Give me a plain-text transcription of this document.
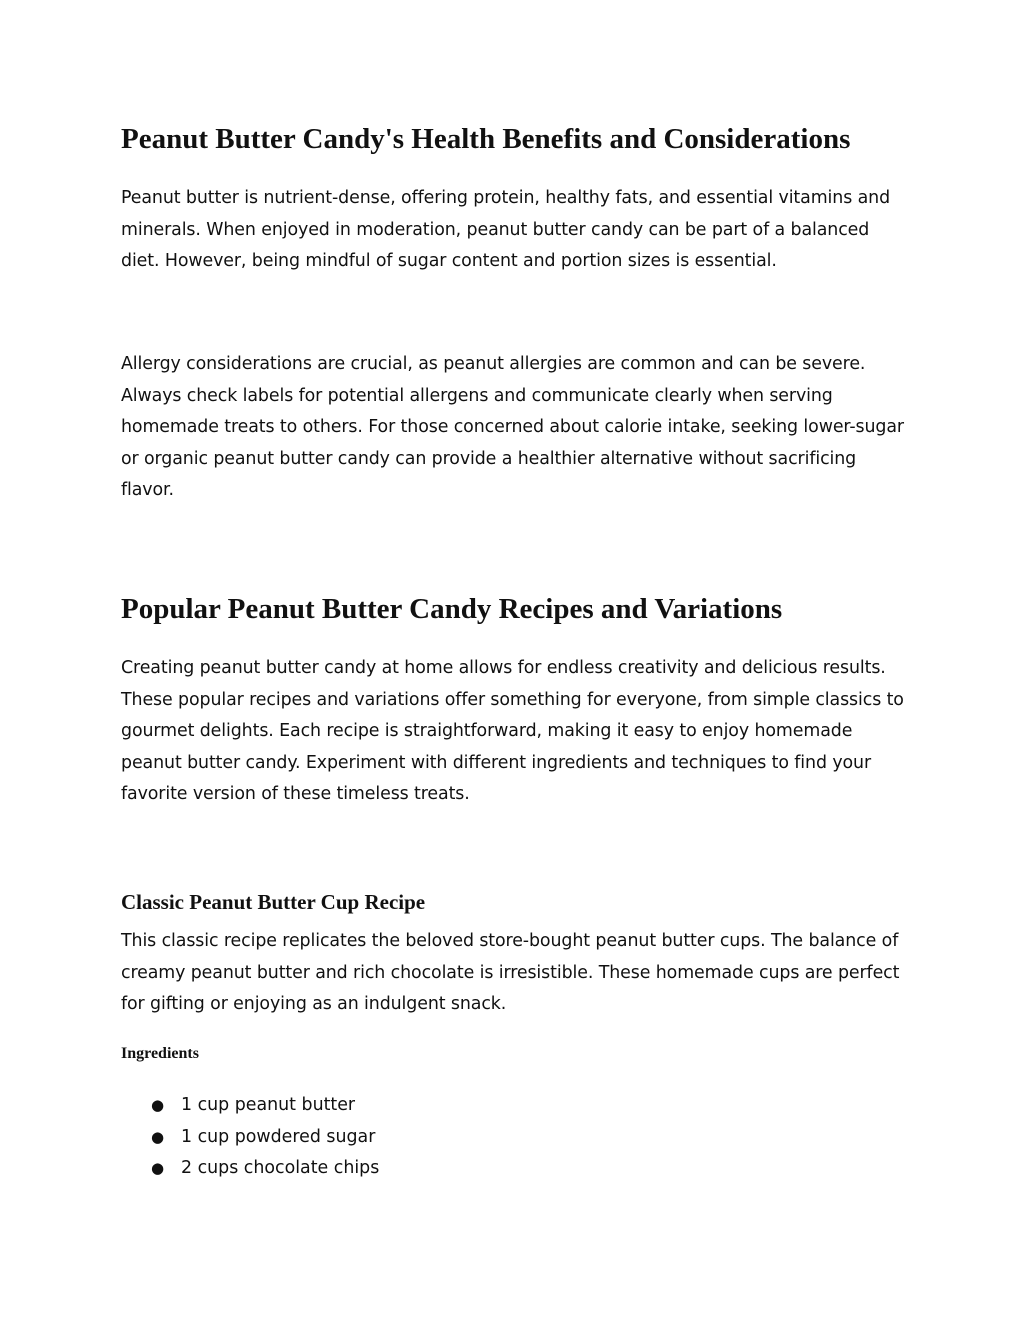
Peanut Butter Candy's Health Benefits and Considerations

Peanut butter is nutrient-dense, offering protein, healthy fats, and essential vitamins and minerals. When enjoyed in moderation, peanut butter candy can be part of a balanced diet. However, being mindful of sugar content and portion sizes is essential.

Allergy considerations are crucial, as peanut allergies are common and can be severe. Always check labels for potential allergens and communicate clearly when serving homemade treats to others. For those concerned about calorie intake, seeking lower-sugar or organic peanut butter candy can provide a healthier alternative without sacrificing flavor.

Popular Peanut Butter Candy Recipes and Variations

Creating peanut butter candy at home allows for endless creativity and delicious results. These popular recipes and variations offer something for everyone, from simple classics to gourmet delights. Each recipe is straightforward, making it easy to enjoy homemade peanut butter candy. Experiment with different ingredients and techniques to find your favorite version of these timeless treats.

Classic Peanut Butter Cup Recipe

This classic recipe replicates the beloved store-bought peanut butter cups. The balance of creamy peanut butter and rich chocolate is irresistible. These homemade cups are perfect for gifting or enjoying as an indulgent snack.

Ingredients
● 1 cup peanut butter
● 1 cup powdered sugar
● 2 cups chocolate chips
